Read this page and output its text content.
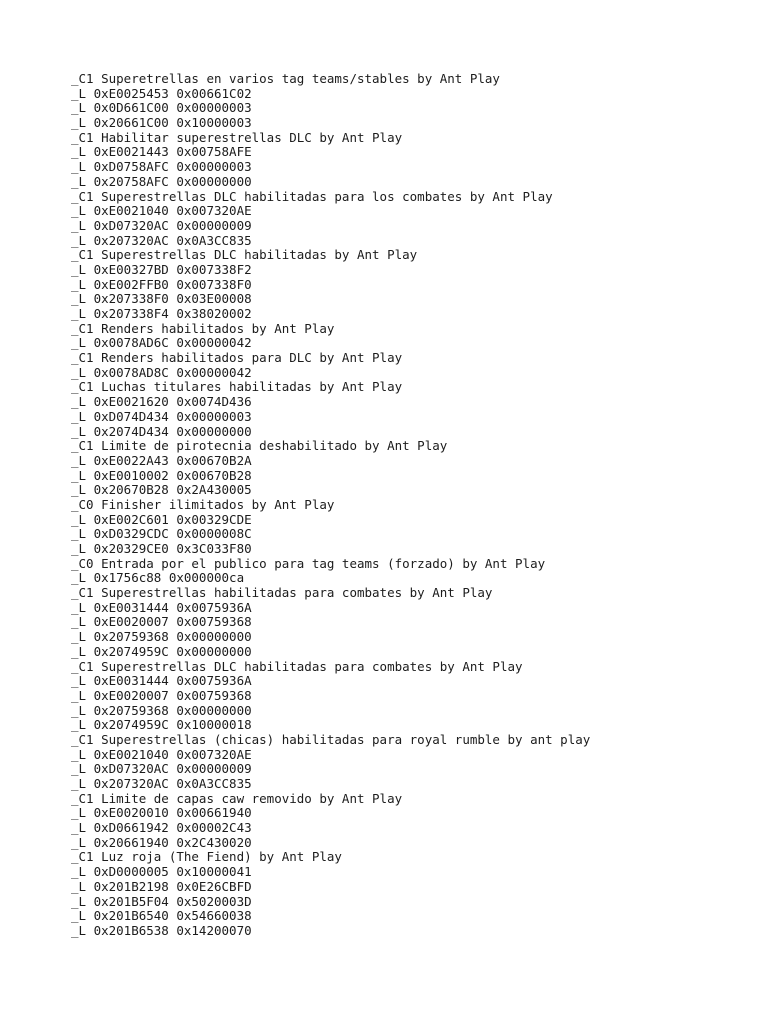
_C1 Superetrellas en varios tag teams/stables by Ant Play
_L 0xE0025453 0x00661C02
_L 0x0D661C00 0x00000003
_L 0x20661C00 0x10000003
_C1 Habilitar superestrellas DLC by Ant Play
_L 0xE0021443 0x00758AFE
_L 0xD0758AFC 0x00000003
_L 0x20758AFC 0x00000000
_C1 Superestrellas DLC habilitadas para los combates by Ant Play
_L 0xE0021040 0x007320AE
_L 0xD07320AC 0x00000009
_L 0x207320AC 0x0A3CC835
_C1 Superestrellas DLC habilitadas by Ant Play
_L 0xE00327BD 0x007338F2
_L 0xE002FFB0 0x007338F0
_L 0x207338F0 0x03E00008
_L 0x207338F4 0x38020002
_C1 Renders habilitados by Ant Play
_L 0x0078AD6C 0x00000042
_C1 Renders habilitados para DLC by Ant Play
_L 0x0078AD8C 0x00000042
_C1 Luchas titulares habilitadas by Ant Play
_L 0xE0021620 0x0074D436
_L 0xD074D434 0x00000003
_L 0x2074D434 0x00000000
_C1 Limite de pirotecnia deshabilitado by Ant Play
_L 0xE0022A43 0x00670B2A
_L 0xE0010002 0x00670B28
_L 0x20670B28 0x2A430005
_C0 Finisher ilimitados by Ant Play
_L 0xE002C601 0x00329CDE
_L 0xD0329CDC 0x0000008C
_L 0x20329CE0 0x3C033F80
_C0 Entrada por el publico para tag teams (forzado) by Ant Play
_L 0x1756c88 0x000000ca
_C1 Superestrellas habilitadas para combates by Ant Play
_L 0xE0031444 0x0075936A
_L 0xE0020007 0x00759368
_L 0x20759368 0x00000000
_L 0x2074959C 0x00000000
_C1 Superestrellas DLC habilitadas para combates by Ant Play
_L 0xE0031444 0x0075936A
_L 0xE0020007 0x00759368
_L 0x20759368 0x00000000
_L 0x2074959C 0x10000018
_C1 Superestrellas (chicas) habilitadas para royal rumble by ant play
_L 0xE0021040 0x007320AE
_L 0xD07320AC 0x00000009
_L 0x207320AC 0x0A3CC835
_C1 Limite de capas caw removido by Ant Play
_L 0xE0020010 0x00661940
_L 0xD0661942 0x00002C43
_L 0x20661940 0x2C430020
_C1 Luz roja (The Fiend) by Ant Play
_L 0xD0000005 0x10000041
_L 0x201B2198 0x0E26CBFD
_L 0x201B5F04 0x5020003D
_L 0x201B6540 0x54660038
_L 0x201B6538 0x14200070
